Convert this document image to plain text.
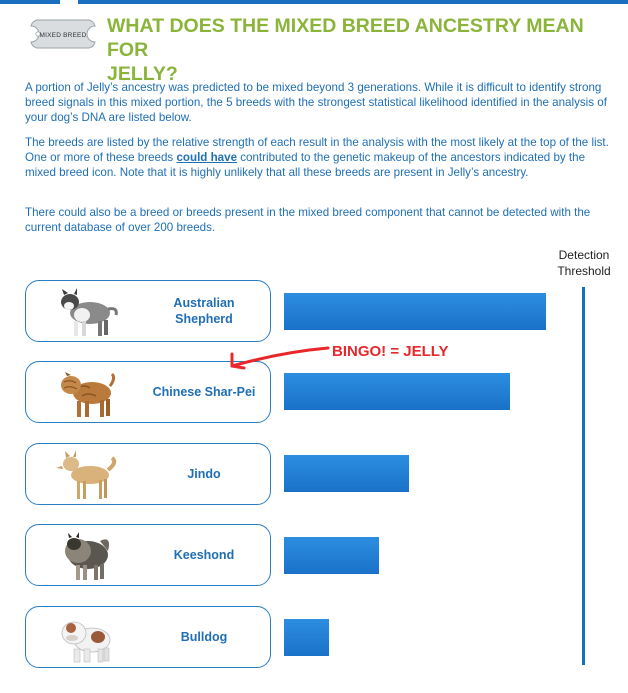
MIXED BREED WHAT DOES THE MIXED BREED ANCESTRY MEAN FOR
JELLY?

A portion of Jelly’s ancestry was predicted to be mixed beyond 3 generations. While it is difficult to identify strong breed signals in this mixed portion, the 5 breeds with the strongest statistical likelihood identified in the analysis of your dog’s DNA are listed below.

The breeds are listed by the relative strength of each result in the analysis with the most likely at the top of the list. One or more of these breeds could have contributed to the genetic makeup of the ancestors indicated by the mixed breed icon. Note that it is highly unlikely that all these breeds are present in Jelly’s ancestry.

There could also be a breed or breeds present in the mixed breed component that cannot be detected with the current database of over 200 breeds.

Detection
Threshold
Australian
Shepherd
Chinese Shar-Pei
Jindo
Keeshond
Bulldog
BINGO! = JELLY
